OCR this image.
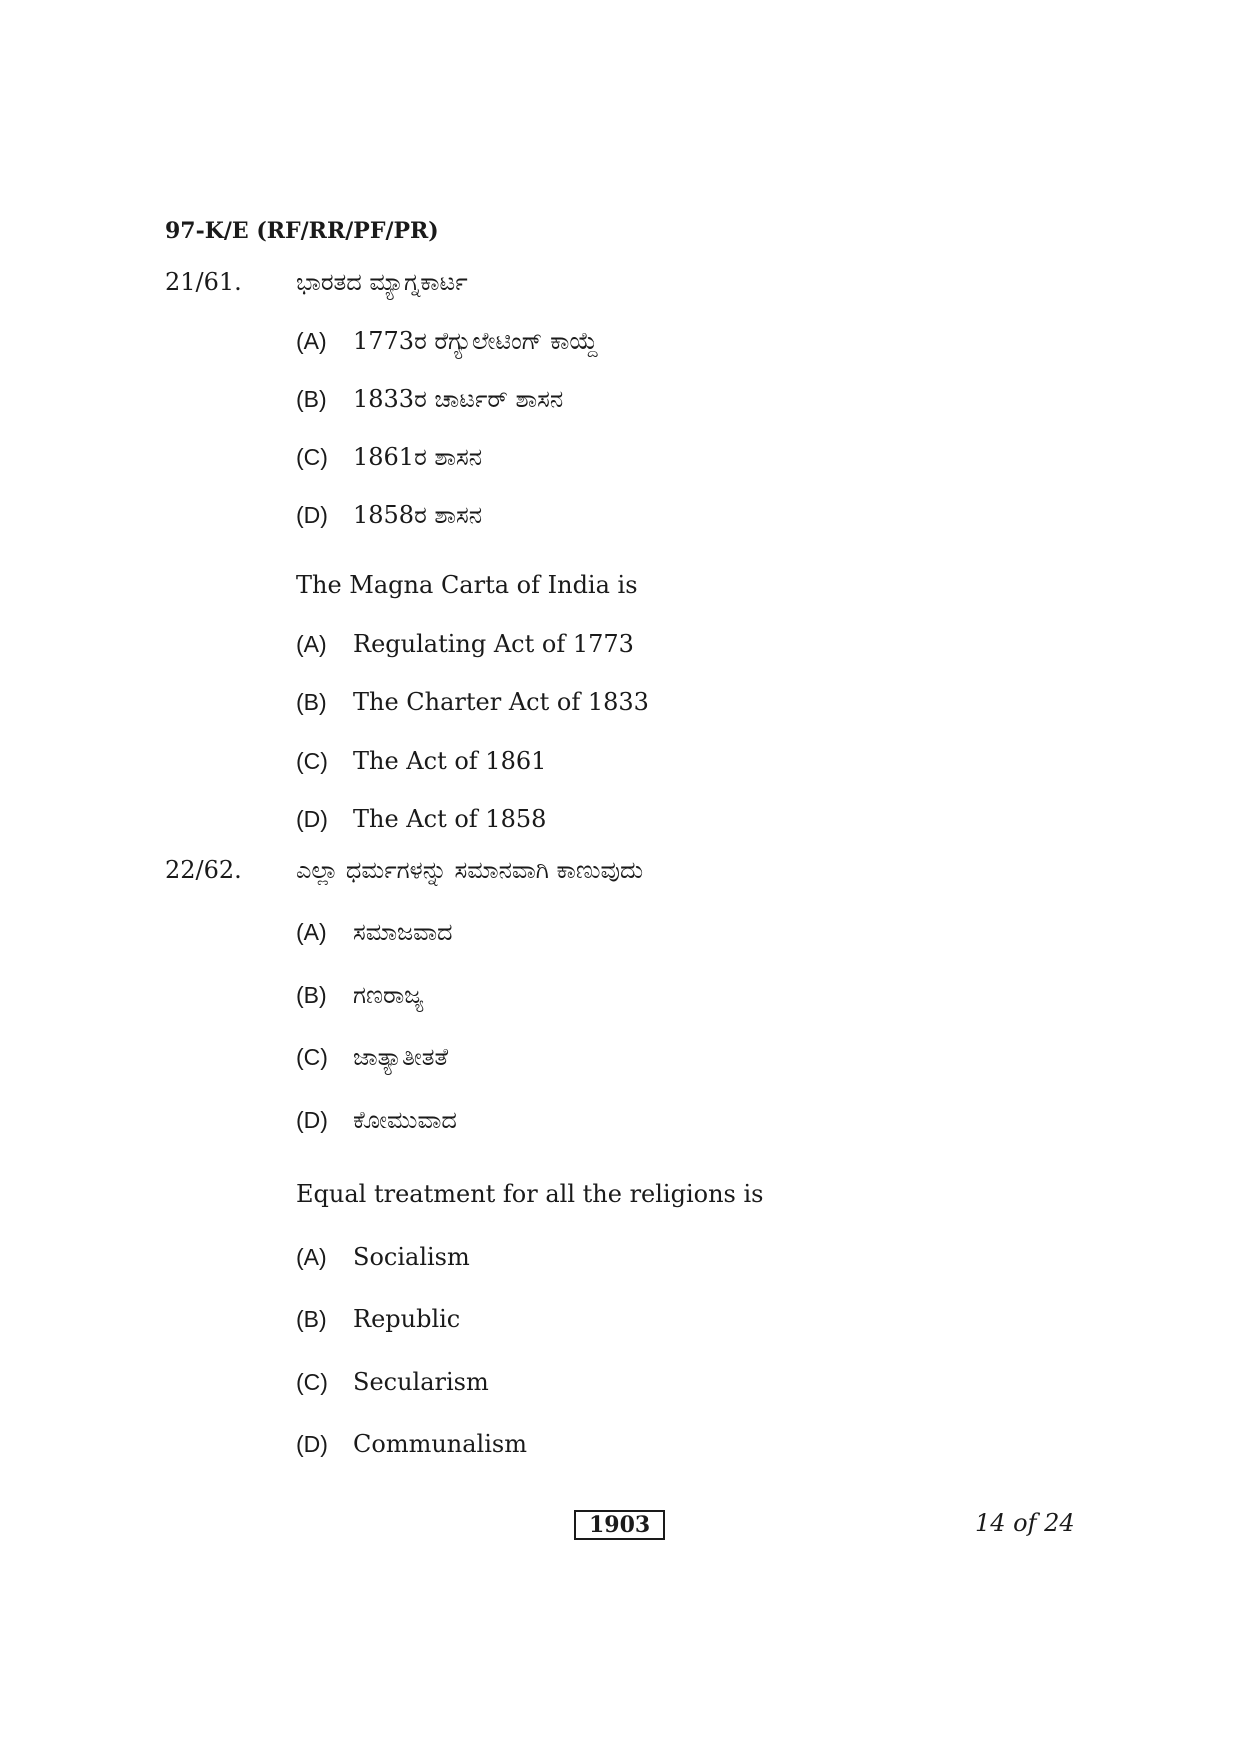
97-K/E (RF/RR/PF/PR)
21/61. ಭಾರತದ ಮ್ಯಾಗ್ನಕಾರ್ಟ
(A) 1773ರ ರೆಗ್ಯುಲೇಟಿಂಗ್ ಕಾಯ್ದೆ
(B) 1833ರ ಚಾರ್ಟರ್ ಶಾಸನ
(C) 1861ರ ಶಾಸನ
(D) 1858ರ ಶಾಸನ
The Magna Carta of India is
(A) Regulating Act of 1773
(B) The Charter Act of 1833
(C) The Act of 1861
(D) The Act of 1858
22/62. ಎಲ್ಲಾ ಧರ್ಮಗಳನ್ನು ಸಮಾನವಾಗಿ ಕಾಣುವುದು
(A) ಸಮಾಜವಾದ
(B) ಗಣರಾಜ್ಯ
(C) ಜಾತ್ಯಾತೀತತೆ
(D) ಕೋಮುವಾದ
Equal treatment for all the religions is
(A) Socialism
(B) Republic
(C) Secularism
(D) Communalism
1903	14 of 24
